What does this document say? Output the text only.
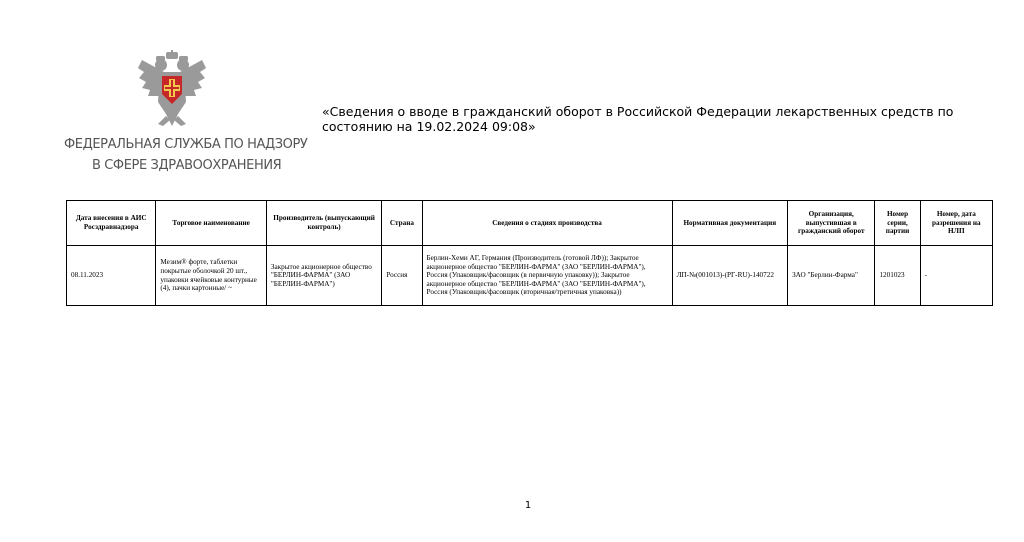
ФЕДЕРАЛЬНАЯ СЛУЖБА ПО НАДЗОРУ
В СФЕРЕ ЗДРАВООХРАНЕНИЯ
«Сведения о вводе в гражданский оборот в Российской Федерации лекарственных средств по состоянию на 19.02.2024 09:08»
Дата внесения в АИС Росздравнадзора	Торговое наименование	Производитель (выпускающий контроль)	Страна	Сведения о стадиях производства	Нормативная документация	Организация, выпустившая в гражданский оборот	Номер серии, партии	Номер, дата разрешения на НЛП
08.11.2023	Мезим® форте, таблетки покрытые оболочкой 20 шт., упаковки ячейковые контурные (4), пачки картонные/ ~	Закрытое акционерное общество "БЕРЛИН-ФАРМА" (ЗАО "БЕРЛИН-ФАРМА")	Россия	Берлин-Хеми АГ, Германия (Производитель (готовой ЛФ)); Закрытое акционерное общество "БЕРЛИН-ФАРМА" (ЗАО "БЕРЛИН-ФАРМА"), Россия (Упаковщик/фасовщик (в первичную упаковку)); Закрытое акционерное общество "БЕРЛИН-ФАРМА" (ЗАО "БЕРЛИН-ФАРМА"), Россия (Упаковщик/фасовщик (вторичная/третичная упаковка))	ЛП-№(001013)-(РГ-RU)-140722	ЗАО "Берлин-Фарма"	1201023	-
1
